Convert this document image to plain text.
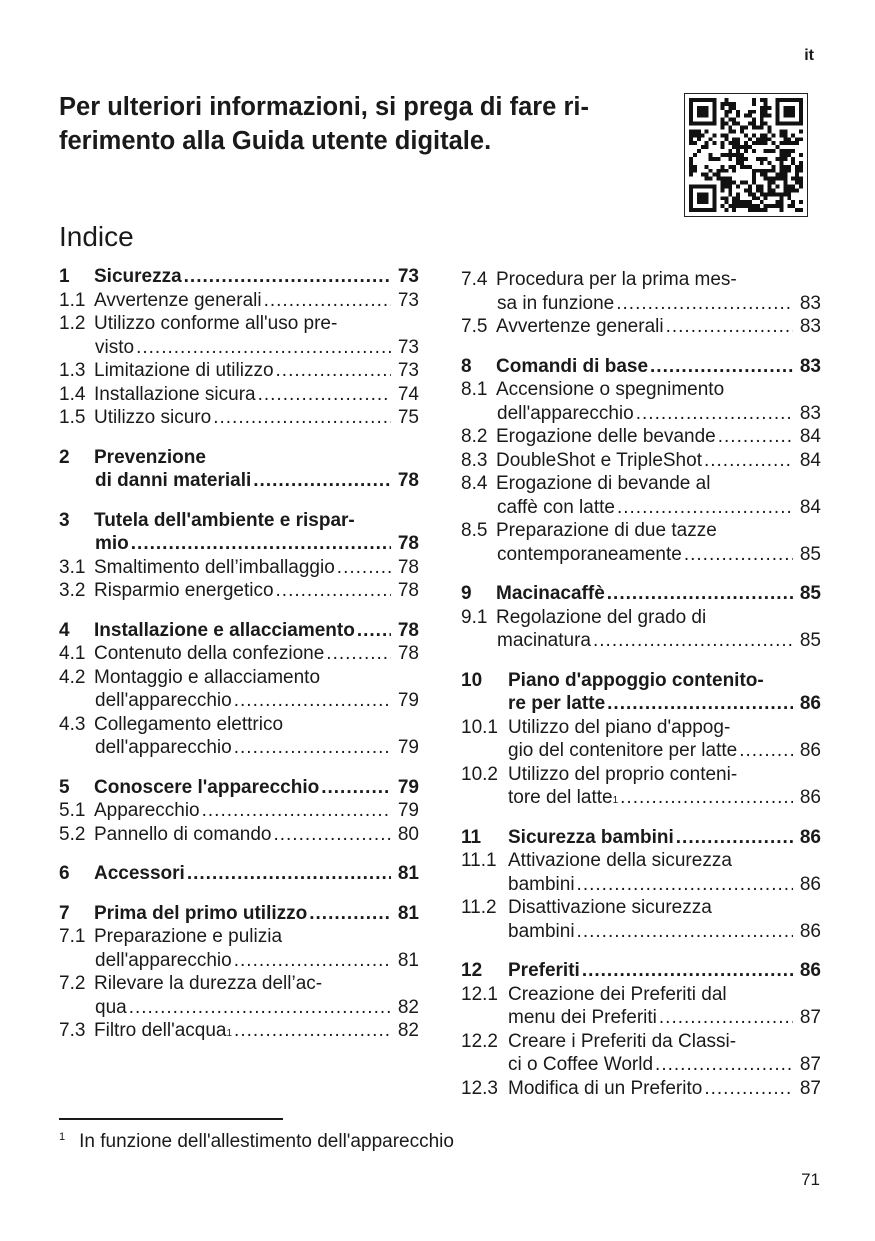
it
Per ulteriori informazioni, si prega di fare ri-
ferimento alla Guida utente digitale.
Indice
1	Sicurezza .....	73
1.1 Avvertenze generali .....	73
1.2 Utilizzo conforme all'uso pre-
visto .....	73
1.3 Limitazione di utilizzo .....	73
1.4 Installazione sicura .....	74
1.5 Utilizzo sicuro .....	75
2	Prevenzione
di danni materiali .....	78
3	Tutela dell'ambiente e rispar-
mio .....	78
3.1 Smaltimento dell’imballaggio .....	78
3.2 Risparmio energetico .....	78
4	Installazione e allacciamento ..... 78
4.1 Contenuto della confezione .....	78
4.2 Montaggio e allacciamento
dell'apparecchio .....	79
4.3 Collegamento elettrico
dell'apparecchio .....	79
5	Conoscere l'apparecchio .....	79
5.1 Apparecchio .....	79
5.2 Pannello di comando .....	80
6	Accessori .....	81
7	Prima del primo utilizzo .....	81
7.1 Preparazione e pulizia
dell'apparecchio .....	81
7.2 Rilevare la durezza dell’ac-
qua .....	82
7.3 Filtro dell'acqua 1 .....	82
7.4 Procedura per la prima mes-
sa in funzione .....	83
7.5 Avvertenze generali .....	83
8	Comandi di base .....	83
8.1 Accensione o spegnimento
dell'apparecchio .....	83
8.2 Erogazione delle bevande .....	84
8.3 DoubleShot e TripleShot .....	84
8.4 Erogazione di bevande al
caffè con latte .....	84
8.5 Preparazione di due tazze
contemporaneamente .....	85
9	Macinacaffè .....	85
9.1 Regolazione del grado di
macinatura .....	85
10	Piano d'appoggio contenito-
re per latte .....	86
10.1 Utilizzo del piano d'appog-
gio del contenitore per latte .....	86
10.2 Utilizzo del proprio conteni-
tore del latte 1 .....	86
11	Sicurezza bambini .....	86
11.1 Attivazione della sicurezza
bambini .....	86
11.2 Disattivazione sicurezza
bambini .....	86
12	Preferiti .....	86
12.1 Creazione dei Preferiti dal
menu dei Preferiti .....	87
12.2 Creare i Preferiti da Classi-
ci o Coffee World .....	87
12.3 Modifica di un Preferito .....	87
$^1$ In funzione dell'allestimento dell'apparecchio
71
